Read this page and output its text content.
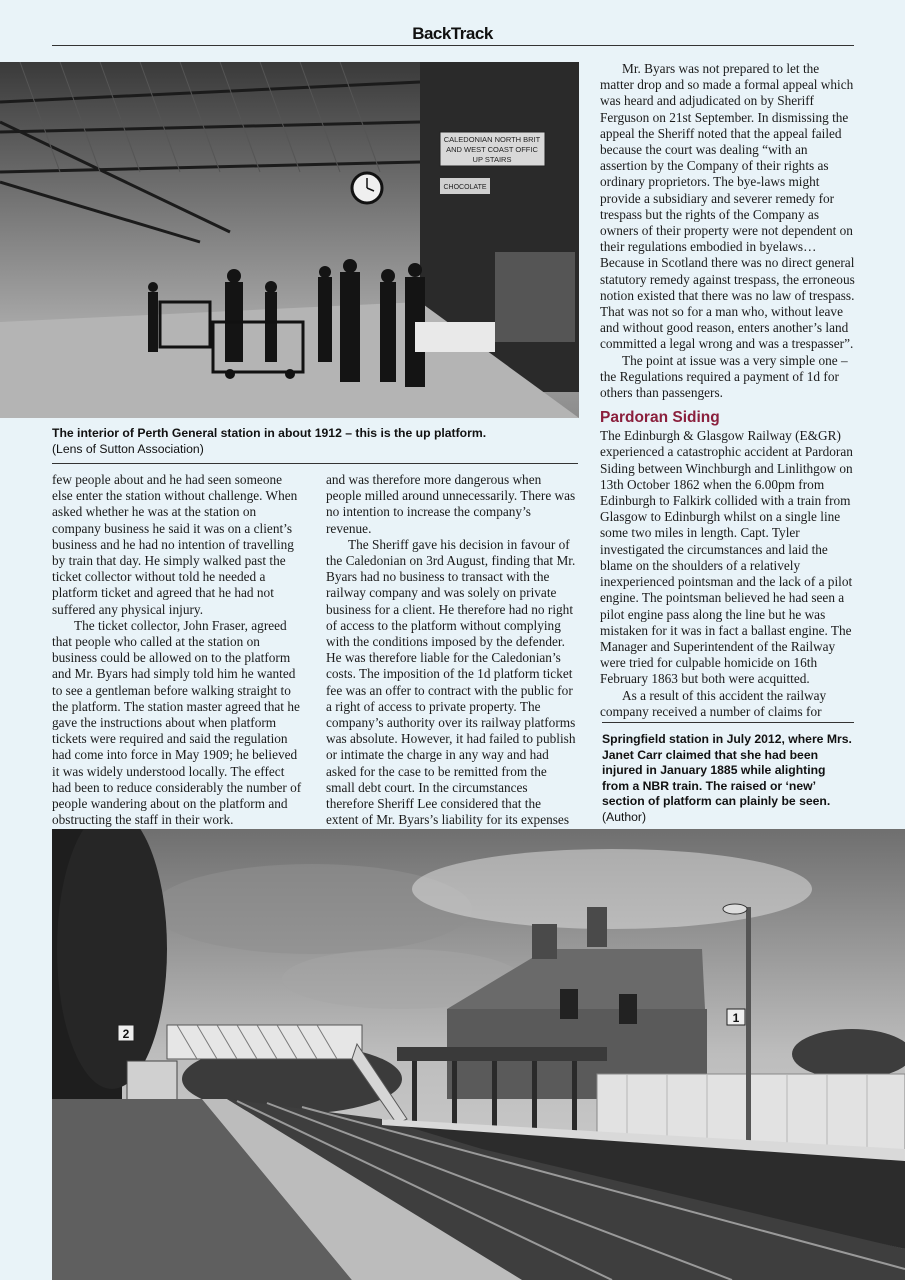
BackTrack
CALEDONIAN NORTH BRIT
AND WEST COAST OFFIC
UP STAIRS
CHOCOLATE
The interior of Perth General station in about 1912 – this is the up platform.
(Lens of Sutton Association)

few people about and he had seen someone else enter the station without challenge. When asked whether he was at the station on company business he said it was on a client’s business and he had no intention of travelling by train that day. He simply walked past the ticket collector without told he needed a platform ticket and agreed that he had not suffered any physical injury.

The ticket collector, John Fraser, agreed that people who called at the station on business could be allowed on to the platform and Mr. Byars had simply told him he wanted to see a gentleman before walking straight to the platform. The station master agreed that he gave the instructions about when platform tickets were required and said the regulation had come into force in May 1909; he believed it was widely understood locally. The effect had been to reduce considerably the number of people wandering about on the platform and obstructing the staff in their work.

and was therefore more dangerous when people milled around unnecessarily. There was no intention to increase the company’s revenue.

The Sheriff gave his decision in favour of the Caledonian on 3rd August, finding that Mr. Byars had no business to transact with the railway company and was solely on private business for a client. He therefore had no right of access to the platform without complying with the conditions imposed by the defender. He was therefore liable for the Caledonian’s costs. The imposition of the 1d platform ticket fee was an offer to contract with the public for a right of access to private property. The company’s authority over its railway platforms was absolute. However, it had failed to publish or intimate the charge in any way and had asked for the case to be remitted from the small debt court. In the circumstances therefore Sheriff Lee considered that the extent of Mr. Byars’s liability for its expenses

Mr. Byars was not prepared to let the matter drop and so made a formal appeal which was heard and adjudicated on by Sheriff Ferguson on 21st September. In dismissing the appeal the Sheriff noted that the appeal failed because the court was dealing “with an assertion by the Company of their rights as ordinary proprietors. The bye-laws might provide a subsidiary and severer remedy for trespass but the rights of the Company as owners of their property were not dependent on their regulations embodied in byelaws…Because in Scotland there was no direct general statutory remedy against trespass, the erroneous notion existed that there was no law of trespass. That was not so for a man who, without leave and without good reason, enters another’s land committed a legal wrong and was a trespasser”.

The point at issue was a very simple one – the Regulations required a payment of 1d for others than passengers.

Pardoran Siding

The Edinburgh & Glasgow Railway (E&GR) experienced a catastrophic accident at Pardoran Siding between Winchburgh and Linlithgow on 13th October 1862 when the 6.00pm from Edinburgh to Falkirk collided with a train from Glasgow to Edinburgh whilst on a single line some two miles in length. Capt. Tyler investigated the circumstances and laid the blame on the shoulders of a relatively inexperienced pointsman and the lack of a pilot engine. The pointsman believed he had seen a pilot engine pass along the line but he was mistaken for it was in fact a ballast engine. The Manager and Superintendent of the Railway were tried for culpable homicide on 16th February 1863 but both were acquitted.

As a result of this accident the railway company received a number of claims for

Springfield station in July 2012, where Mrs. Janet Carr claimed that she had been injured in January 1885 while alighting from a NBR train. The raised or ‘new’ section of platform can plainly be seen.
(Author)
2
1
